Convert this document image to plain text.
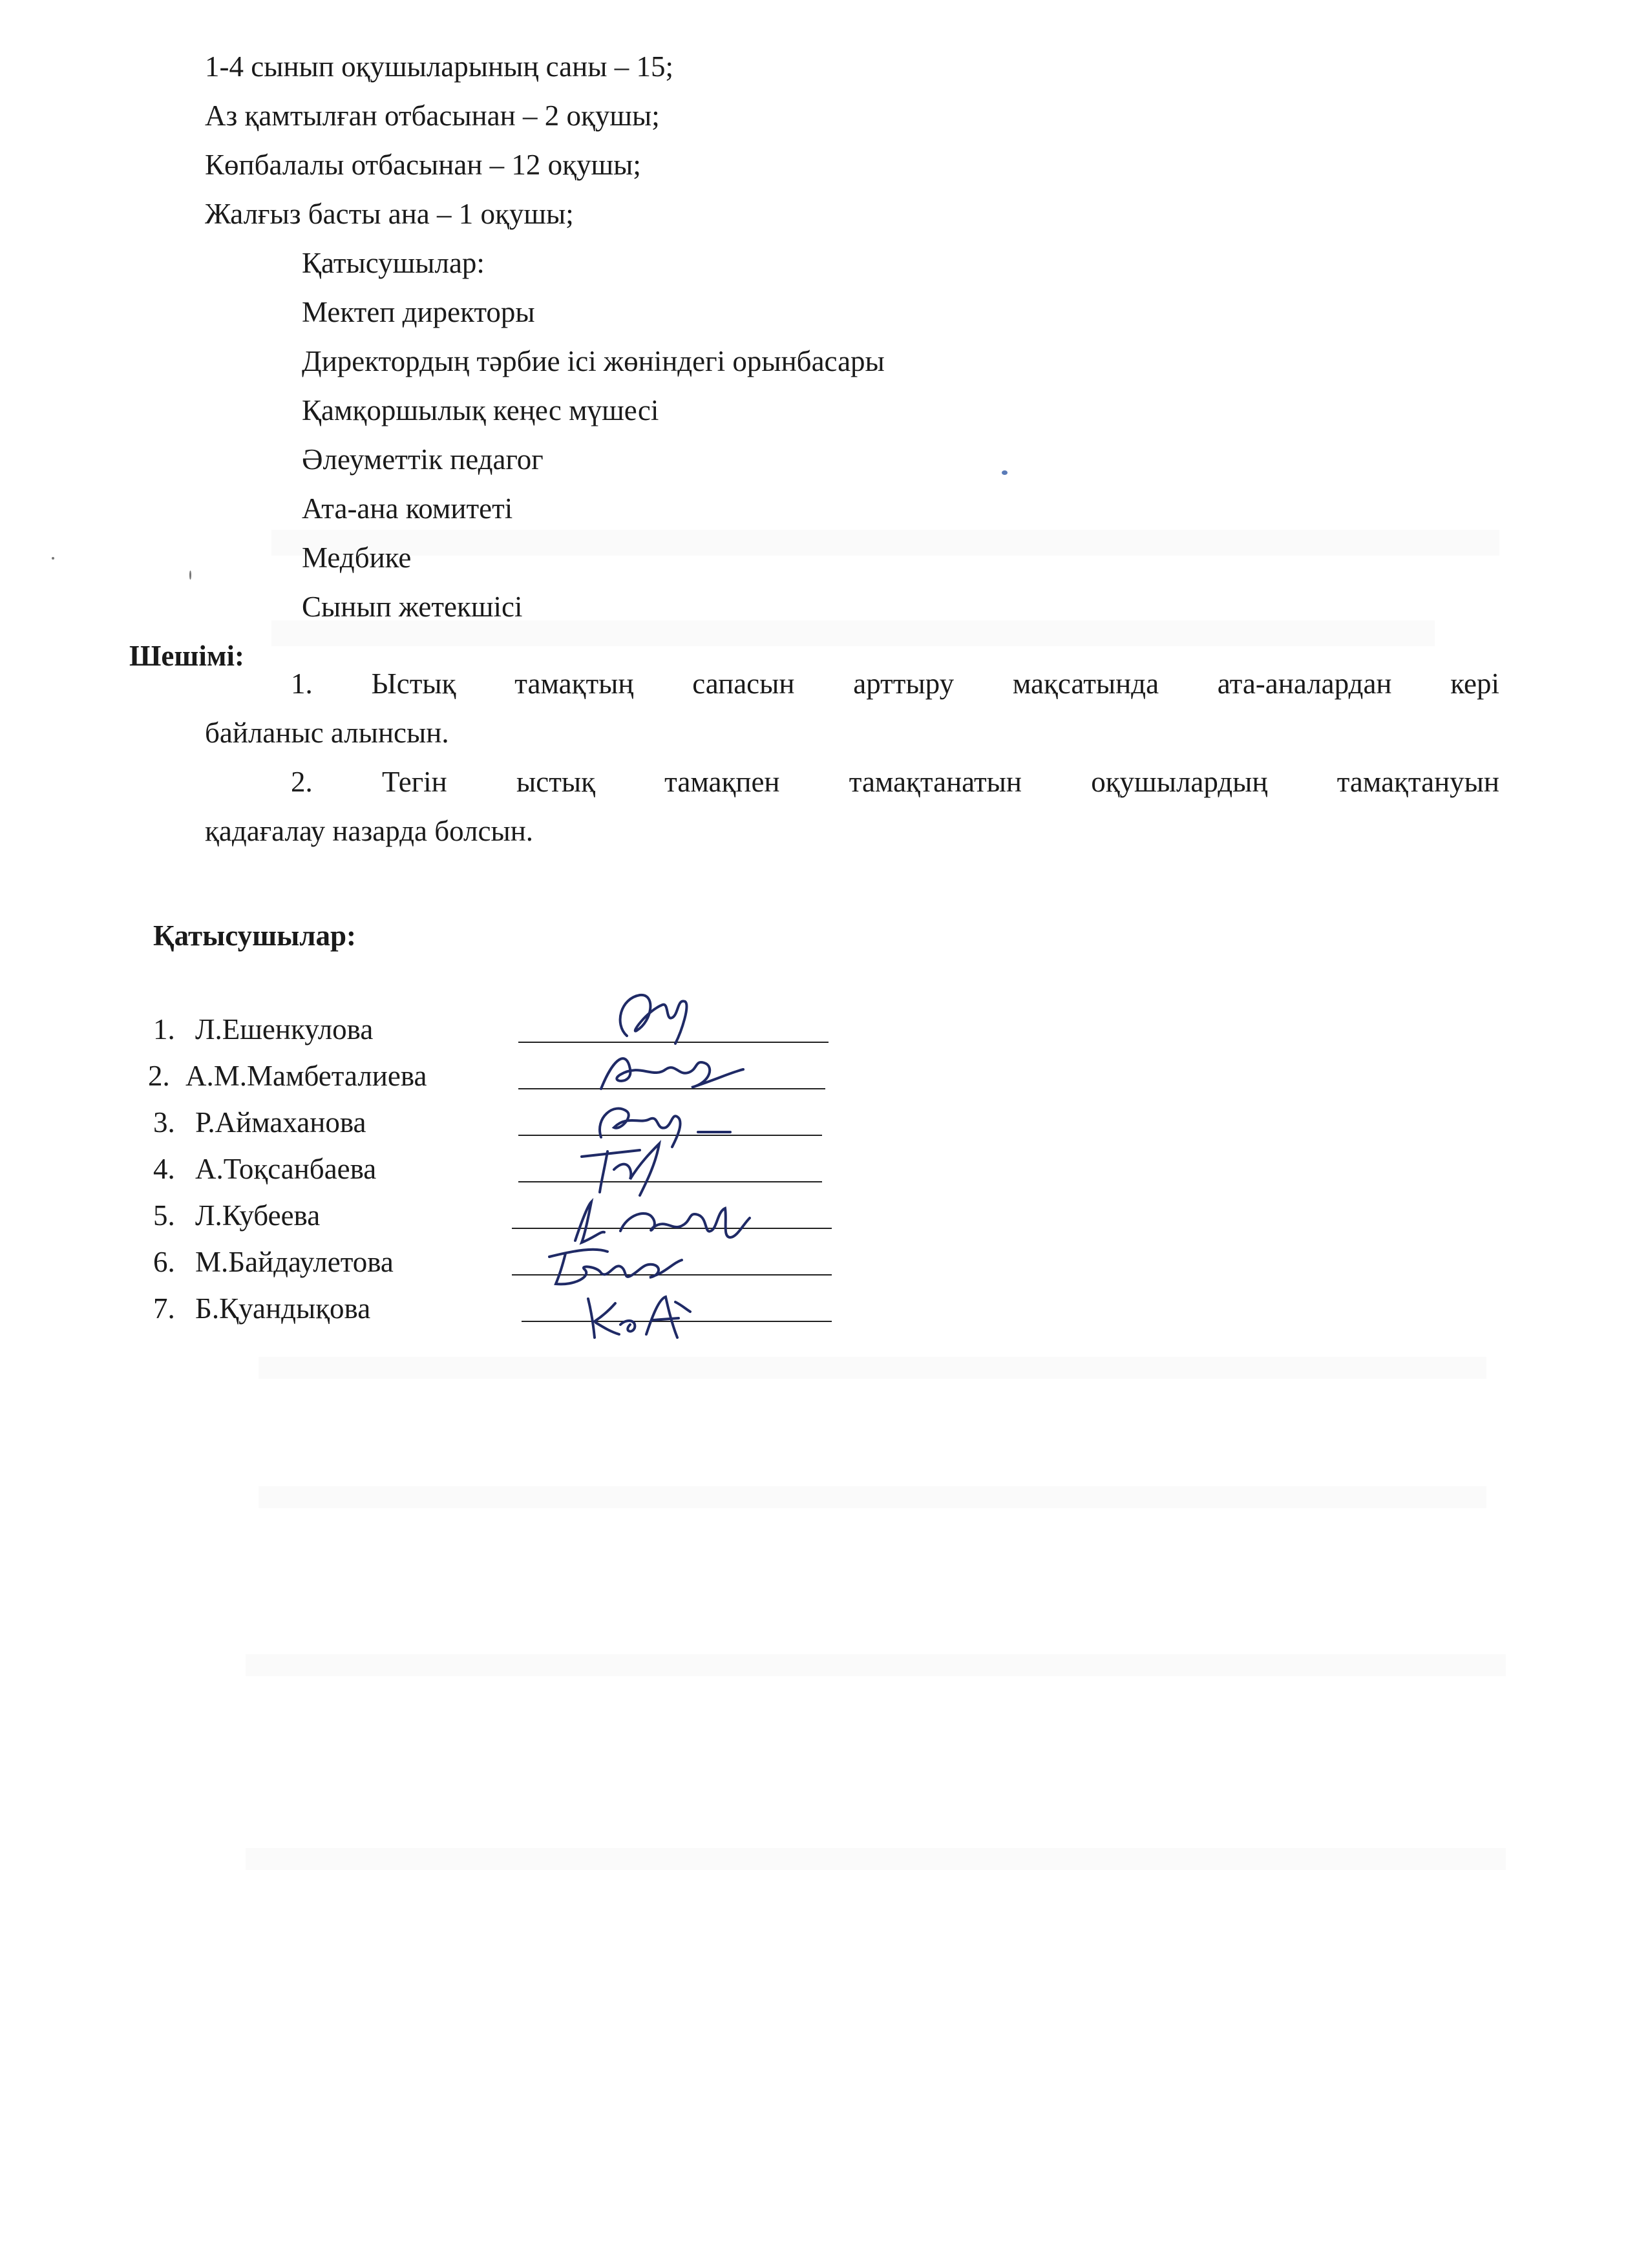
1-4 сынып оқушыларының саны – 15;
Аз қамтылған отбасынан – 2 оқушы;
Көпбалалы отбасынан – 12 оқушы;
Жалғыз басты ана – 1 оқушы;
Қатысушылар:
Мектеп директоры
Директордың тәрбие ісі жөніндегі орынбасары
Қамқоршылық кеңес мүшесі
Әлеуметтік педагог
Ата-ана комитеті
Медбике
Сынып жетекшісі
Шешімі:
1. Ыстық тамақтың сапасын арттыру мақсатында ата-аналардан кері
байланыс алынсын.
2. Тегін ыстық тамақпен тамақтанатын оқушылардың тамақтануын
қадағалау назарда болсын.
Қатысушылар:
1. Л.Ешенкулова
2. А.М.Мамбеталиева
3. Р.Аймаханова
4. А.Тоқсанбаева
5. Л.Кубеева
6. М.Байдаулетова
7. Б.Қуандықова
